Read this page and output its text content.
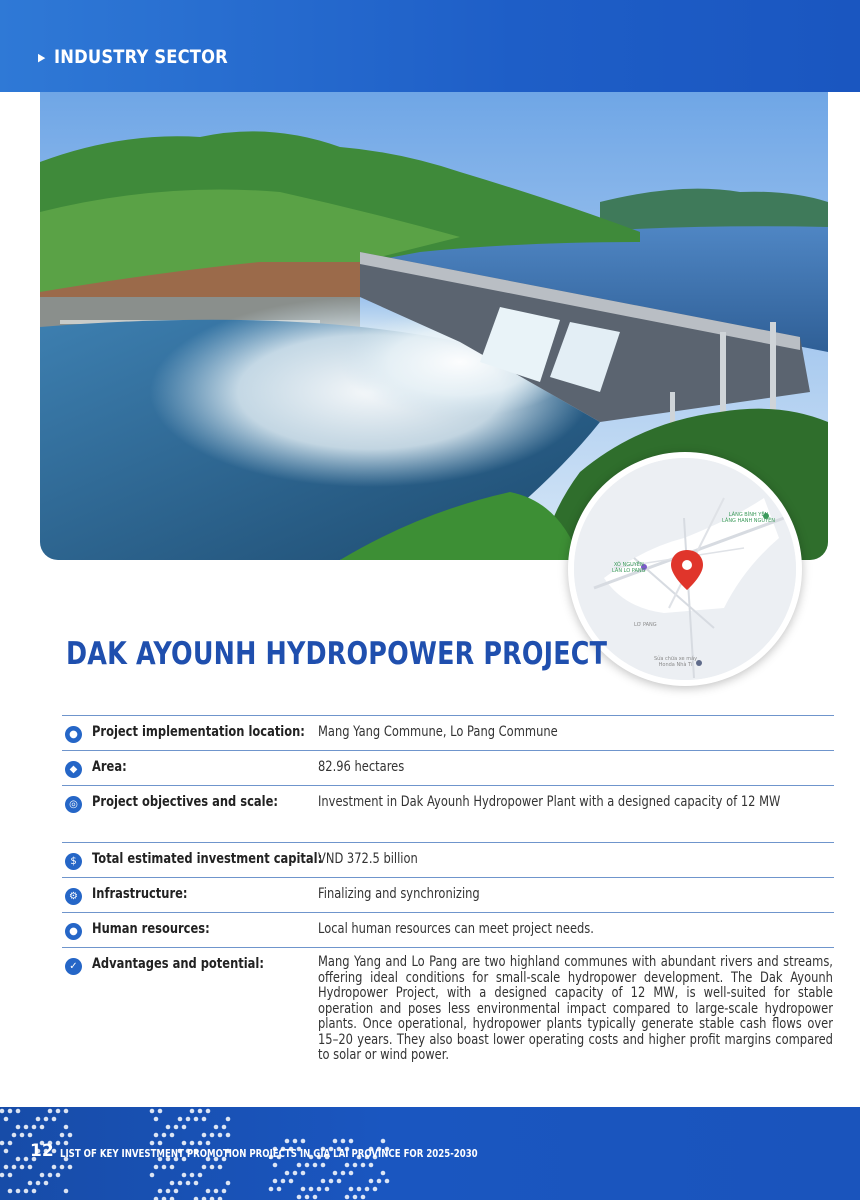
▶ INDUSTRY SECTOR
LÀNG BÌNH YÊN
LÀNG HANH NGUYÊN
XÓ NGUYÊN
LÀN LO PANG
LƠ PANG
Sửa chữa xe máy
Honda Nhà Tí
DAK AYOUNH HYDROPOWER PROJECT
● Project implementation location: Mang Yang Commune, Lo Pang Commune
◆	Area:	82.96 hectares
◎ Project objectives and scale:	Investment in Dak Ayounh Hydropower Plant with a designed capacity of 12 MW
$	Total estimated investment capital:
VND 372.5 billion
⚙ Infrastructure:	Finalizing and synchronizing
● Human resources:	Local human resources can meet project needs.
✓	Advantages and potential:	Mang Yang and Lo Pang are two highland communes with abundant rivers and streams, offering ideal conditions for small-scale hydropower development. The Dak Ayounh Hydropower Project, with a designed capacity of 12 MW, is well-suited for stable operation and poses less environmental impact compared to large-scale hydropower plants. Once operational, hydropower plants typically generate stable cash flows over 15–20 years. They also boast lower operating costs and higher profit margins compared to solar or wind power.
12 LIST OF KEY INVESTMENT PROMOTION PROJECTS IN GIA LAI PROVINCE FOR 2025-2030
